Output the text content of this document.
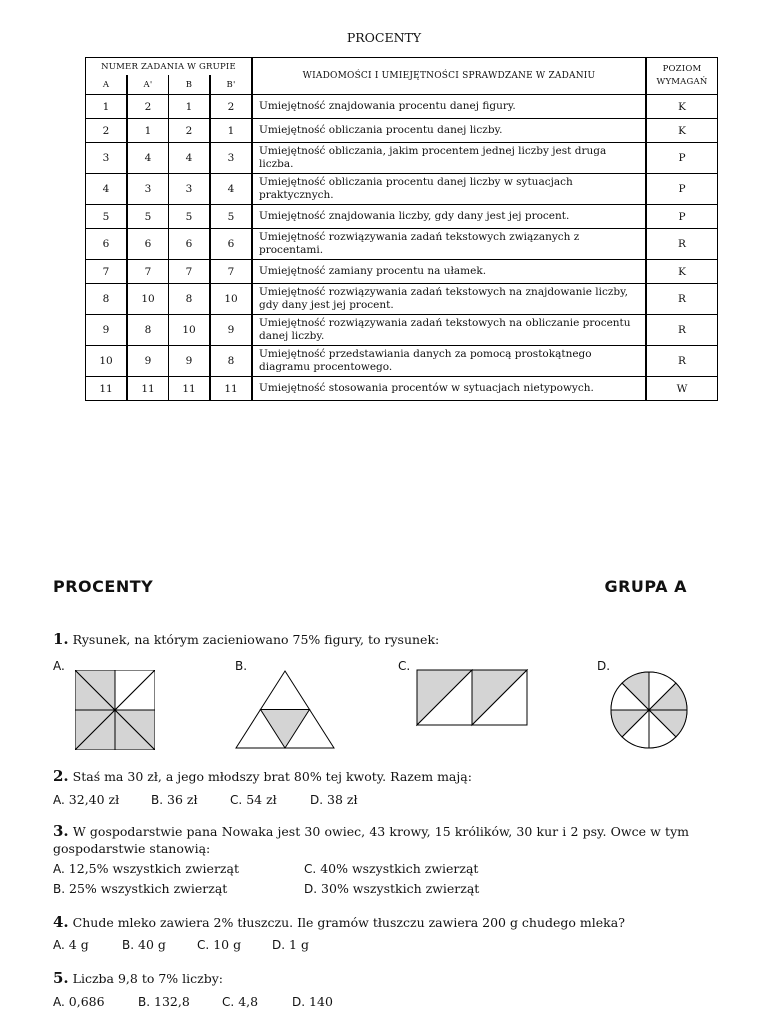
PROCENTY
NUMER ZADANIA W GRUPIE				WIADOMOŚCI I UMIEJĘTNOŚCI SPRAWDZANE W ZADANIU	POZIOM
WYMAGAŃ
A	A'	B	B'		
1	2	1	2	Umiejętność znajdowania procentu danej figury.	K
2	1	2	1	Umiejętność obliczania procentu danej liczby.	K
3	4	4	3	Umiejętność obliczania, jakim procentem jednej liczby jest druga liczba.	P
4	3	3	4	Umiejętność obliczania procentu danej liczby w sytuacjach praktycznych.	P
5	5	5	5	Umiejętność znajdowania liczby, gdy dany jest jej procent.	P
6	6	6	6	Umiejętność rozwiązywania zadań tekstowych związanych z procentami.	R
7	7	7	7	Umiejętność zamiany procentu na ułamek.	K
8	10	8	10	Umiejętność rozwiązywania zadań tekstowych na znajdowanie liczby, gdy dany jest jej procent.	R
9	8	10	9	Umiejętność rozwiązywania zadań tekstowych na obliczanie procentu danej liczby.	R
10	9	9	8	Umiejętność przedstawiania danych za pomocą prostokątnego diagramu procentowego.	R
11	11	11	11	Umiejętność stosowania procentów w sytuacjach nietypowych.	W
PROCENTY	GRUPA A
1. Rysunek, na którym zacieniowano 75% figury, to rysunek:
A.	B.	C.	D.
2. Staś ma 30 zł, a jego młodszy brat 80% tej kwoty. Razem mają:
A. 32,40 zł	B. 36 zł	C. 54 zł	D. 38 zł
3. W gospodarstwie pana Nowaka jest 30 owiec, 43 krowy, 15 królików, 30 kur i 2 psy. Owce w tym gospodarstwie stanowią:
A. 12,5% wszystkich zwierząt
B. 25% wszystkich zwierząt
C. 40% wszystkich zwierząt
D. 30% wszystkich zwierząt
4. Chude mleko zawiera 2% tłuszczu. Ile gramów tłuszczu zawiera 200 g chudego mleka?
A. 4 g	B. 40 g	C. 10 g	D. 1 g
5. Liczba 9,8 to 7% liczby:
A. 0,686	B. 132,8	C. 4,8	D. 140
